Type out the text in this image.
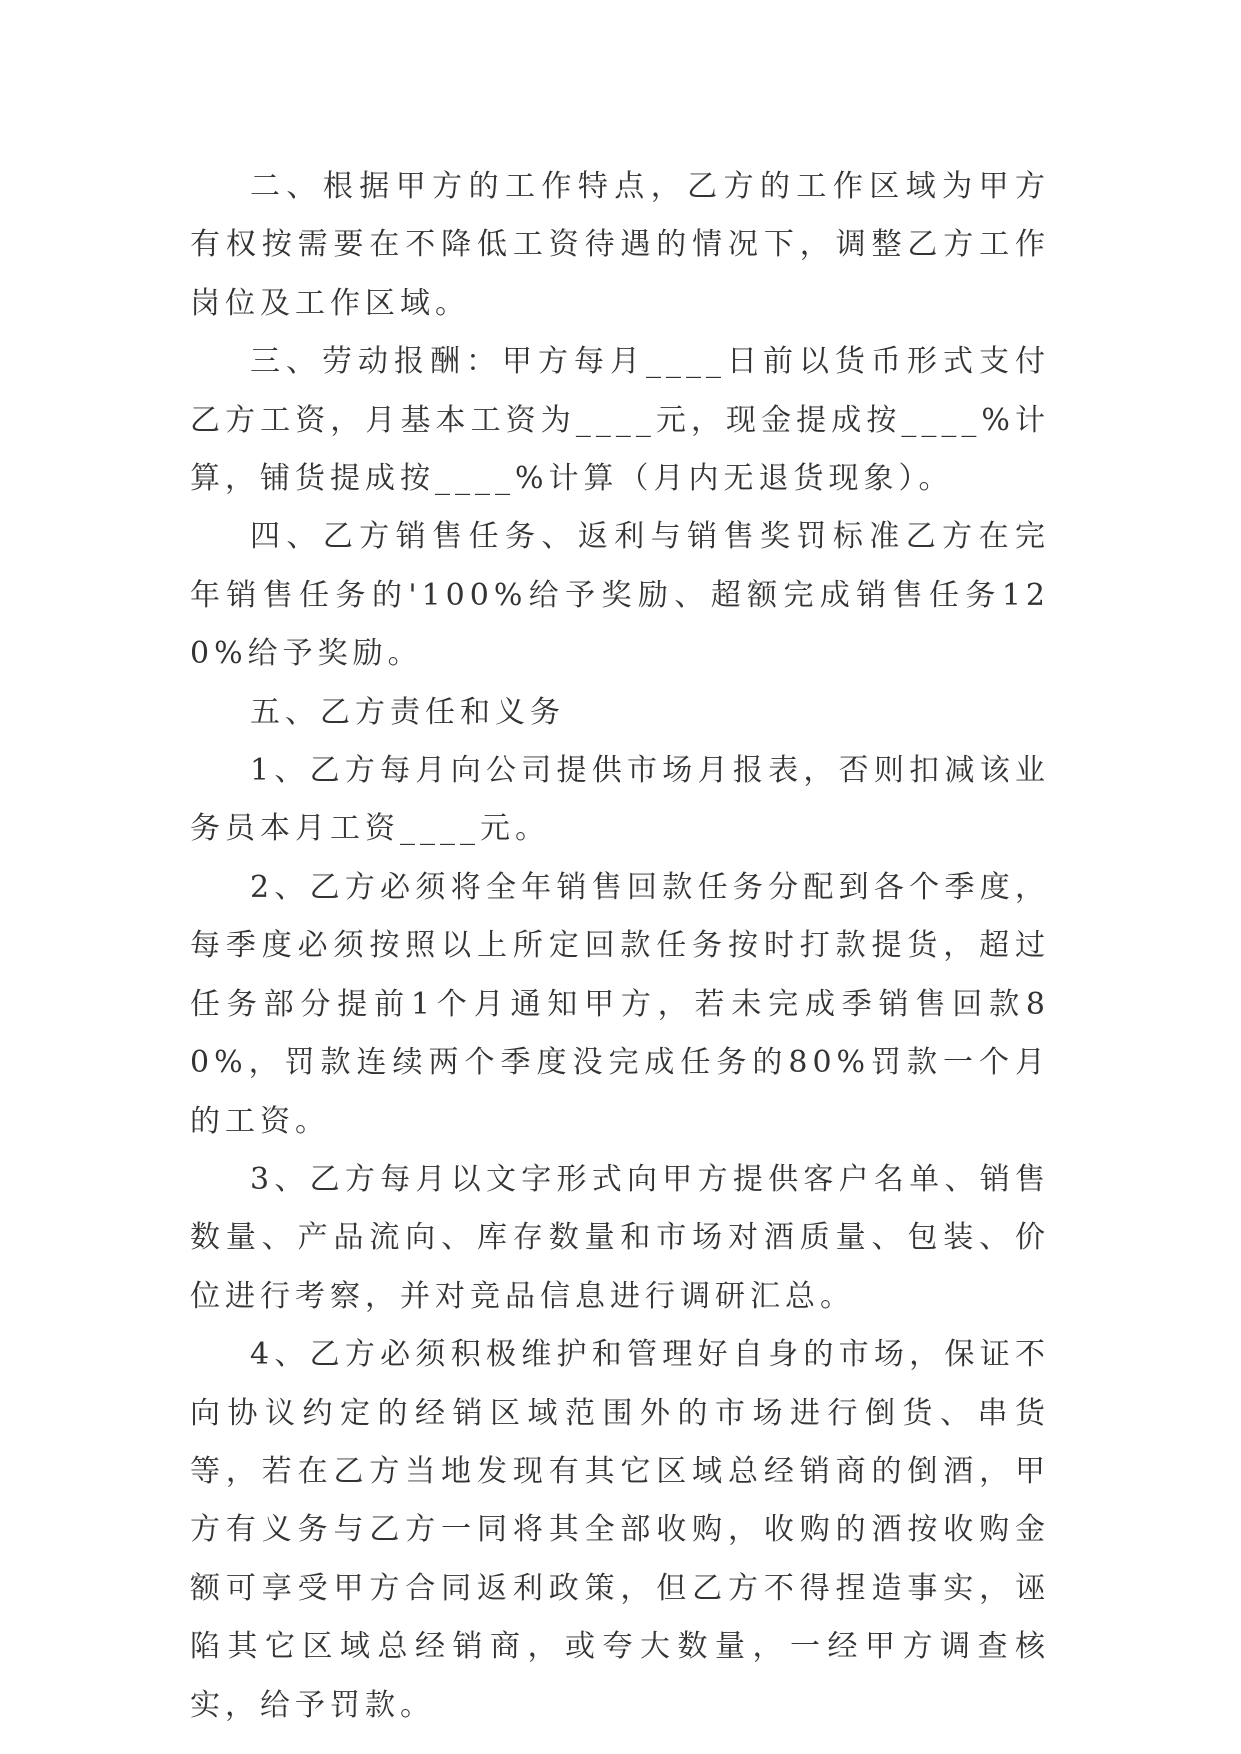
二、根据甲方的工作特点，乙方的工作区域为甲方有权按需要在不降低工资待遇的情况下，调整乙方工作岗位及工作区域。

三、劳动报酬：甲方每月____日前以货币形式支付乙方工资，月基本工资为____元，现金提成按____%计算，铺货提成按____%计算（月内无退货现象）。

四、乙方销售任务、返利与销售奖罚标准乙方在完年销售任务的'100%给予奖励、超额完成销售任务120%给予奖励。

五、乙方责任和义务

1、乙方每月向公司提供市场月报表，否则扣减该业务员本月工资____元。

2、乙方必须将全年销售回款任务分配到各个季度，每季度必须按照以上所定回款任务按时打款提货，超过任务部分提前1个月通知甲方，若未完成季销售回款80%，罚款连续两个季度没完成任务的80%罚款一个月的工资。

3、乙方每月以文字形式向甲方提供客户名单、销售数量、产品流向、库存数量和市场对酒质量、包装、价位进行考察，并对竞品信息进行调研汇总。

4、乙方必须积极维护和管理好自身的市场，保证不向协议约定的经销区域范围外的市场进行倒货、串货等，若在乙方当地发现有其它区域总经销商的倒酒，甲方有义务与乙方一同将其全部收购，收购的酒按收购金额可享受甲方合同返利政策，但乙方不得捏造事实，诬陷其它区域总经销商，或夸大数量，一经甲方调查核实，给予罚款。
